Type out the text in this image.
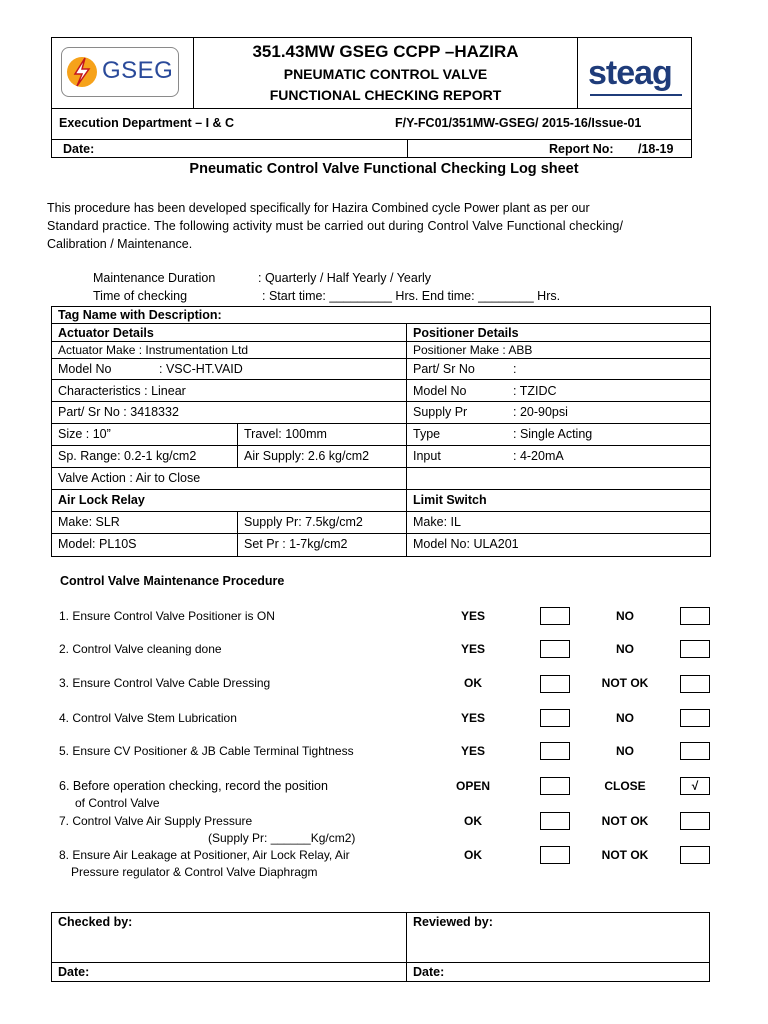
GSEG
351.43MW GSEG CCPP –HAZIRA
PNEUMATIC CONTROL VALVE
FUNCTIONAL CHECKING REPORT
steag
Execution Department – I & C	F/Y-FC01/351MW-GSEG/ 2015-16/Issue-01
Date:	Report No: /18-19
Pneumatic Control Valve Functional Checking Log sheet
This procedure has been developed specifically for Hazira Combined cycle Power plant as per our
Standard practice. The following activity must be carried out during Control Valve Functional checking/
Calibration / Maintenance.
Maintenance Duration	: Quarterly / Half Yearly / Yearly
Time of checking	: Start time: _________ Hrs. End time: ________ Hrs.
Tag Name with Description:
Actuator Details	Positioner Details
Actuator Make : Instrumentation Ltd	Positioner Make : ABB
Model No	: VSC-HT.VAID	Part/ Sr No	:
Characteristics : Linear	Model No	: TZIDC
Part/ Sr No : 3418332	Supply Pr	: 20-90psi
Size : 10”	Travel: 100mm	Type	: Single Acting
Sp. Range: 0.2-1 kg/cm2	Air Supply: 2.6 kg/cm2	Input	: 4-20mA
Valve Action : Air to Close
Air Lock Relay	Limit Switch
Make: SLR	Supply Pr: 7.5kg/cm2	Make: IL
Model: PL10S	Set Pr : 1-7kg/cm2	Model No: ULA201
Control Valve Maintenance Procedure
1. Ensure Control Valve Positioner is ON	YES	NO
2. Control Valve cleaning done	YES	NO
3. Ensure Control Valve Cable Dressing	OK	NOT OK
4. Control Valve Stem Lubrication	YES	NO
5. Ensure CV Positioner & JB Cable Terminal Tightness	YES	NO
6. Before operation checking, record the position
of Control Valve
OPEN	CLOSE	√
7. Control Valve Air Supply Pressure
(Supply Pr: ______Kg/cm2)
OK	NOT OK
8. Ensure Air Leakage at Positioner, Air Lock Relay, Air
Pressure regulator & Control Valve Diaphragm
OK	NOT OK
Checked by:	Reviewed by:
Date:	Date:
